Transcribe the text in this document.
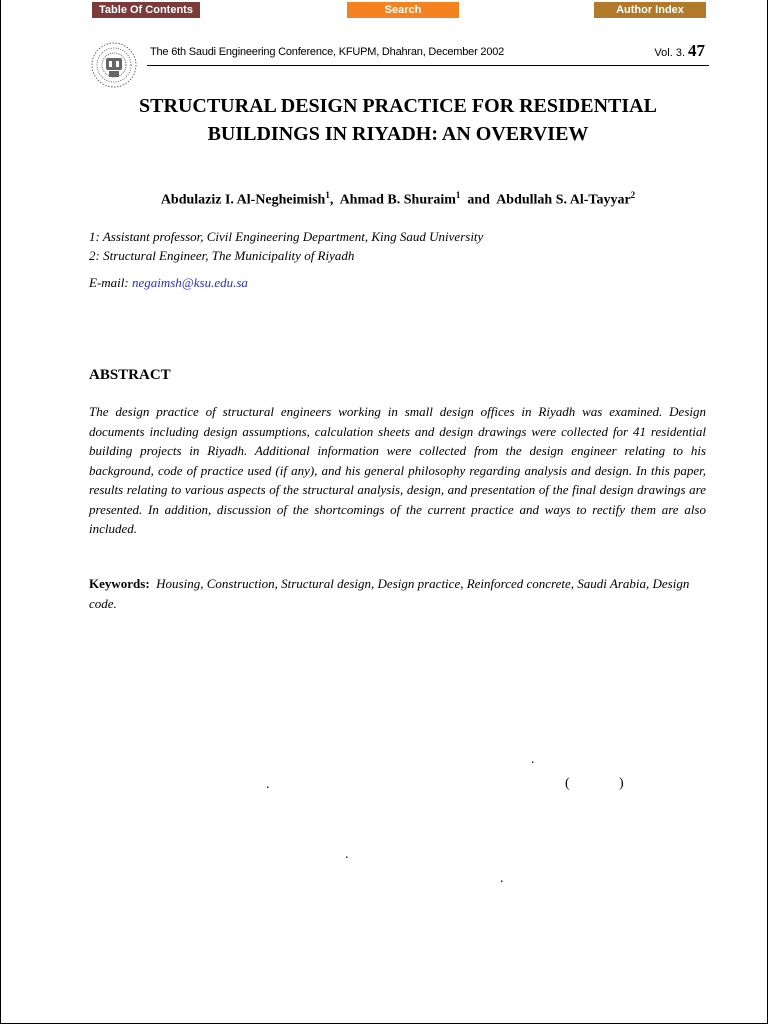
Table Of Contents	Search	Author Index
The 6th Saudi Engineering Conference, KFUPM, Dhahran, December 2002	Vol. 3. 47
STRUCTURAL DESIGN PRACTICE FOR RESIDENTIAL
BUILDINGS IN RIYADH: AN OVERVIEW
Abdulaziz I. Al-Negheimish$^1$, Ahmad B. Shuraim$^1$ and Abdullah S. Al-Tayyar$^2$
1: Assistant professor, Civil Engineering Department, King Saud University
2: Structural Engineer, The Municipality of Riyadh
E-mail: negaimsh@ksu.edu.sa
ABSTRACT
The design practice of structural engineers working in small design offices in Riyadh was examined. Design documents including design assumptions, calculation sheets and design drawings were collected for 41 residential building projects in Riyadh. Additional information were collected from the design engineer relating to his background, code of practice used (if any), and his general philosophy regarding analysis and design. In this paper, results relating to various aspects of the structural analysis, design, and presentation of the final design drawings are presented. In addition, discussion of the shortcomings of the current practice and ways to rectify them are also included.
Keywords: Housing, Construction, Structural design, Design practice, Reinforced concrete, Saudi Arabia, Design code.
.
.	(	)
.
.
